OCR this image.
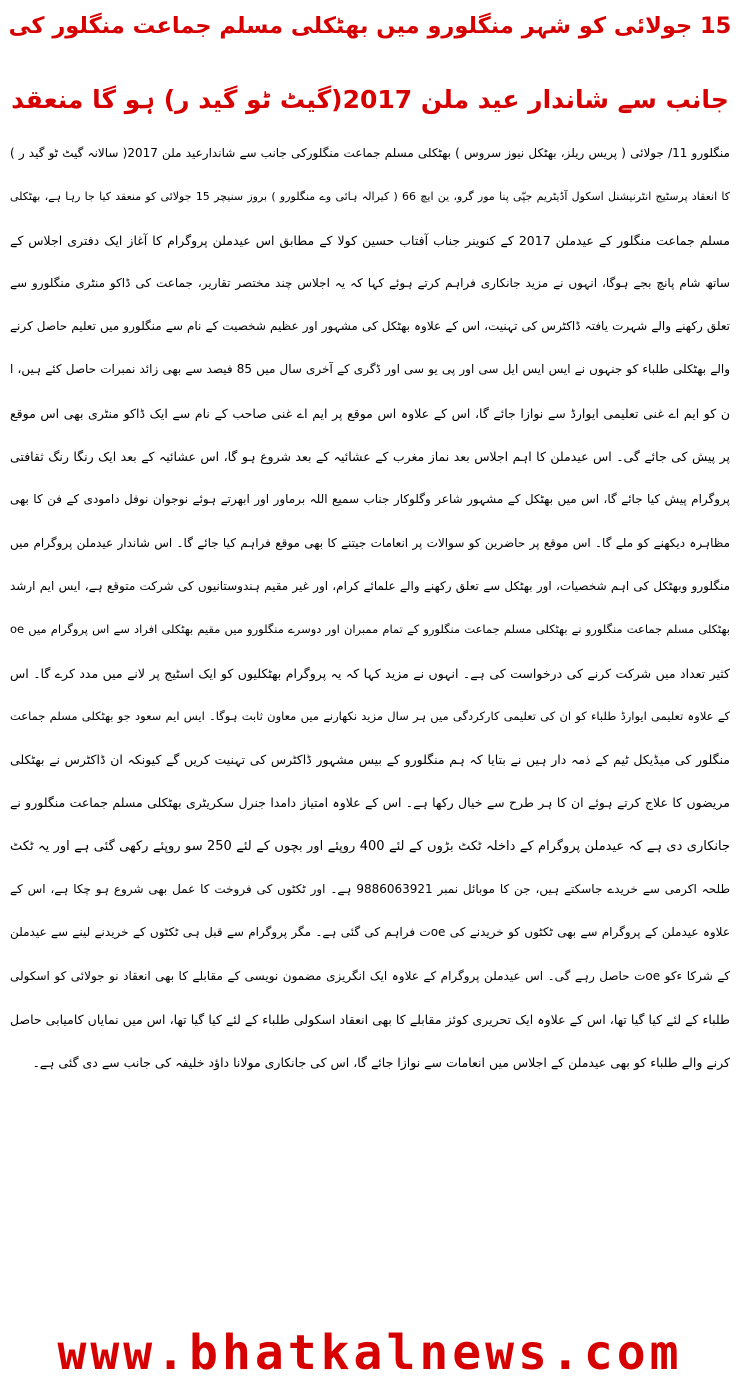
15 جولائی کو شہر منگلورو میں بھٹکلی مسلم جماعت منگلور کی
جانب سے شاندار عید ملن 2017(گیٹ ٹو گید ر) ہو گا منعقد
منگلورو 11/ جولائی ( پریس ریلز، بھٹکل نیوز سروس ) بھٹکلی مسلم جماعت منگلورکی جانب سے شاندارعید ملن 2017( سالانہ گیٹ ٹو گید ر )
کا انعقاد پرسٹیج انٹرنیشنل اسکول آڈیٹریم جپّی پنا مور گرو، ین ایچ 66 ( کیرالہ ہائی وے منگلورو ) بروز سنیچر 15 جولائی کو منعقد کیا جا رہا ہے، بھٹکلی
مسلم جماعت منگلور کے عیدملن 2017 کے کنوینر جناب آفتاب حسین کولا کے مطابق اس عیدملن پروگرام کا آغاز ایک دفتری اجلاس کے
ساتھ شام پانچ بجے ہوگا، انہوں نے مزید جانکاری فراہم کرتے ہوئے کہا کہ یہ اجلاس چند مختصر تقاریر، جماعت کی ڈاکو منٹری منگلورو سے
تعلق رکھنے والے شہرت یافتہ ڈاکٹرس کی تہنیت، اس کے علاوہ بھٹکل کی مشہور اور عظیم شخصیت کے نام سے منگلورو میں تعلیم حاصل کرنے
والے بھٹکلی طلباء کو جنہوں نے ایس ایس ایل سی اور پی یو سی اور ڈگری کے آخری سال میں 85 فیصد سے بھی زائد نمبرات حاصل کئے ہیں، ا
ن کو ایم اے غنی تعلیمی ایوارڈ سے نوازا جائے گا، اس کے علاوہ اس موقع پر ایم اے غنی صاحب کے نام سے ایک ڈاکو منٹری بھی اس موقع
پر پیش کی جائے گی۔ اس عیدملن کا اہم اجلاس بعد نماز مغرب کے عشائیہ کے بعد شروع ہو گا، اس عشائیہ کے بعد ایک رنگا رنگ ثقافتی
پروگرام پیش کیا جائے گا، اس میں بھٹکل کے مشہور شاعر وگلوکار جناب سمیع اللہ برماور اور ابھرتے ہوئے نوجوان نوفل دامودی کے فن کا بھی
مظاہرہ دیکھنے کو ملے گا۔ اس موقع پر حاضرین کو سوالات پر انعامات جیتنے کا بھی موقع فراہم کیا جائے گا۔ اس شاندار عیدملن پروگرام میں
منگلورو وبھٹکل کی اہم شخصیات، اور بھٹکل سے تعلق رکھنے والے علمائے کرام، اور غیر مقیم ہندوستانیوں کی شرکت متوقع ہے، ایس ایم ارشد
oe بھٹکلی مسلم جماعت منگلورو نے بھٹکلی مسلم جماعت منگلورو کے تمام ممبران اور دوسرے منگلورو میں مقیم بھٹکلی افراد سے اس پروگرام میں
کثیر تعداد میں شرکت کرنے کی درخواست کی ہے۔ انہوں نے مزید کہا کہ یہ پروگرام بھٹکلیوں کو ایک اسٹیج پر لانے میں مدد کرے گا۔ اس
کے علاوہ تعلیمی ایوارڈ طلباء کو ان کی تعلیمی کارکردگی میں ہر سال مزید نکھارنے میں معاون ثابت ہوگا۔ ایس ایم سعود جو بھٹکلی مسلم جماعت
منگلور کی میڈیکل ٹیم کے ذمہ دار ہیں نے بتایا کہ ہم منگلورو کے بیس مشہور ڈاکٹرس کی تہنیت کریں گے کیونکہ ان ڈاکٹرس نے بھٹکلی
مریضوں کا علاج کرتے ہوئے ان کا ہر طرح سے خیال رکھا ہے۔ اس کے علاوہ امتیاز دامدا جنرل سکریٹری بھٹکلی مسلم جماعت منگلورو نے
جانکاری دی ہے کہ عیدملن پروگرام کے داخلہ ٹکٹ بڑوں کے لئے 400 روپئے اور بچوں کے لئے 250 سو روپئے رکھی گئی ہے اور یہ ٹکٹ
طلحہ اکرمی سے خریدے جاسکتے ہیں، جن کا موبائل نمبر 9886063921 ہے۔ اور ٹکٹوں کی فروخت کا عمل بھی شروع ہو چکا ہے، اس کے
علاوہ عیدملن کے پروگرام سے بھی ٹکٹوں کو خریدنے کی oeت فراہم کی گئی ہے۔ مگر پروگرام سے قبل ہی ٹکٹوں کے خریدنے لینے سے عیدملن
کے شرکا ءکو oeت حاصل رہے گی۔ اس عیدملن پروگرام کے علاوہ ایک انگریزی مضمون نویسی کے مقابلے کا بھی انعقاد نو جولائی کو اسکولی
طلباء کے لئے کیا گیا تھا، اس کے علاوہ ایک تحریری کوئز مقابلے کا بھی انعقاد اسکولی طلباء کے لئے کیا گیا تھا، اس میں نمایاں کامیابی حاصل
کرنے والے طلباء کو بھی عیدملن کے اجلاس میں انعامات سے نوازا جائے گا، اس کی جانکاری مولانا داؤد خلیفہ کی جانب سے دی گئی ہے۔
www.bhatkalnews.com
